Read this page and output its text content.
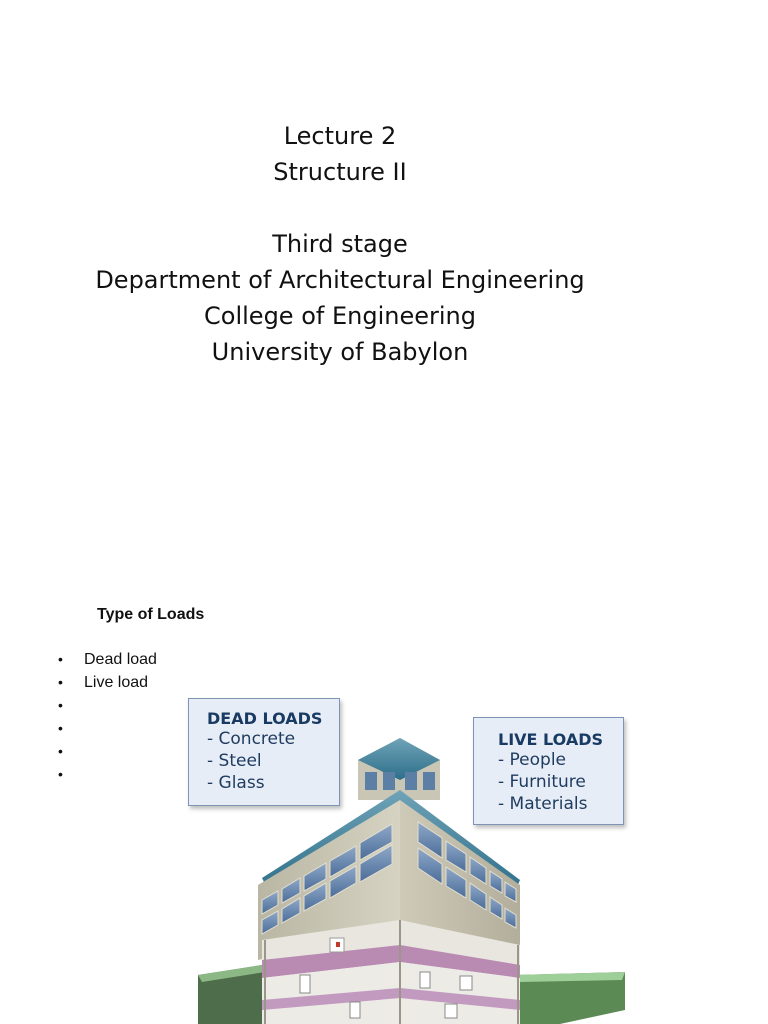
Lecture 2
Structure II
Third stage
Department of Architectural Engineering
College of Engineering
University of Babylon
Type of Loads
•	Dead load
•	Live load
•
•
•
•
DEAD LOADS
- Concrete
- Steel
- Glass
LIVE LOADS
- People
- Furniture
- Materials
